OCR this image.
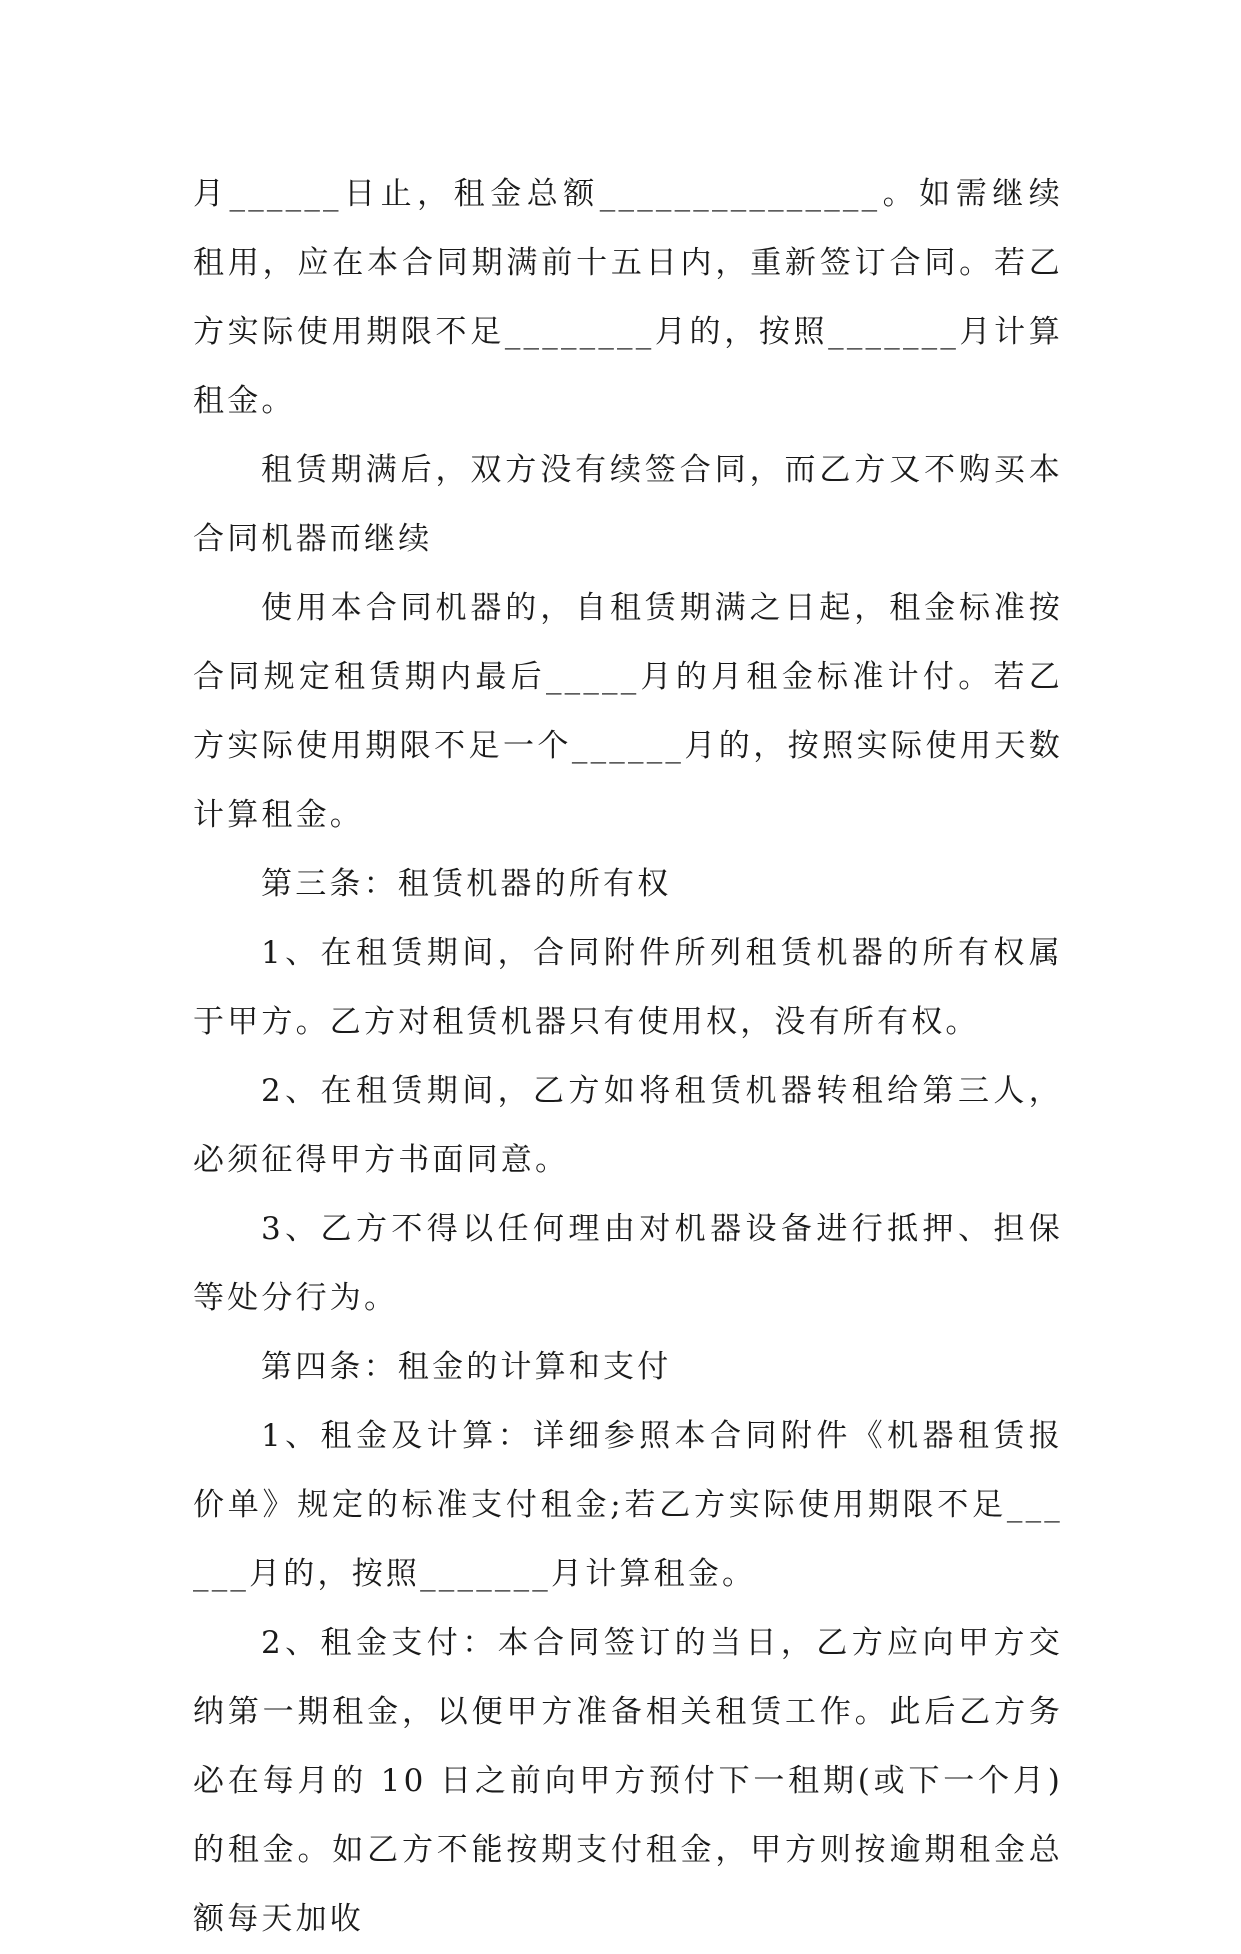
月______日止，租金总额_______________。如需继续租用，应在本合同期满前十五日内，重新签订合同。若乙方实际使用期限不足________月的，按照_______月计算租金。

租赁期满后，双方没有续签合同，而乙方又不购买本合同机器而继续

使用本合同机器的，自租赁期满之日起，租金标准按合同规定租赁期内最后_____月的月租金标准计付。若乙方实际使用期限不足一个______月的，按照实际使用天数计算租金。

第三条：租赁机器的所有权

1、在租赁期间，合同附件所列租赁机器的所有权属于甲方。乙方对租赁机器只有使用权，没有所有权。

2、在租赁期间，乙方如将租赁机器转租给第三人，必须征得甲方书面同意。

3、乙方不得以任何理由对机器设备进行抵押、担保等处分行为。

第四条：租金的计算和支付

1、租金及计算：详细参照本合同附件《机器租赁报价单》规定的标准支付租金;若乙方实际使用期限不足______月的，按照_______月计算租金。

2、租金支付：本合同签订的当日，乙方应向甲方交纳第一期租金，以便甲方准备相关租赁工作。此后乙方务必在每月的 10 日之前向甲方预付下一租期(或下一个月)的租金。如乙方不能按期支付租金，甲方则按逾期租金总额每天加收
